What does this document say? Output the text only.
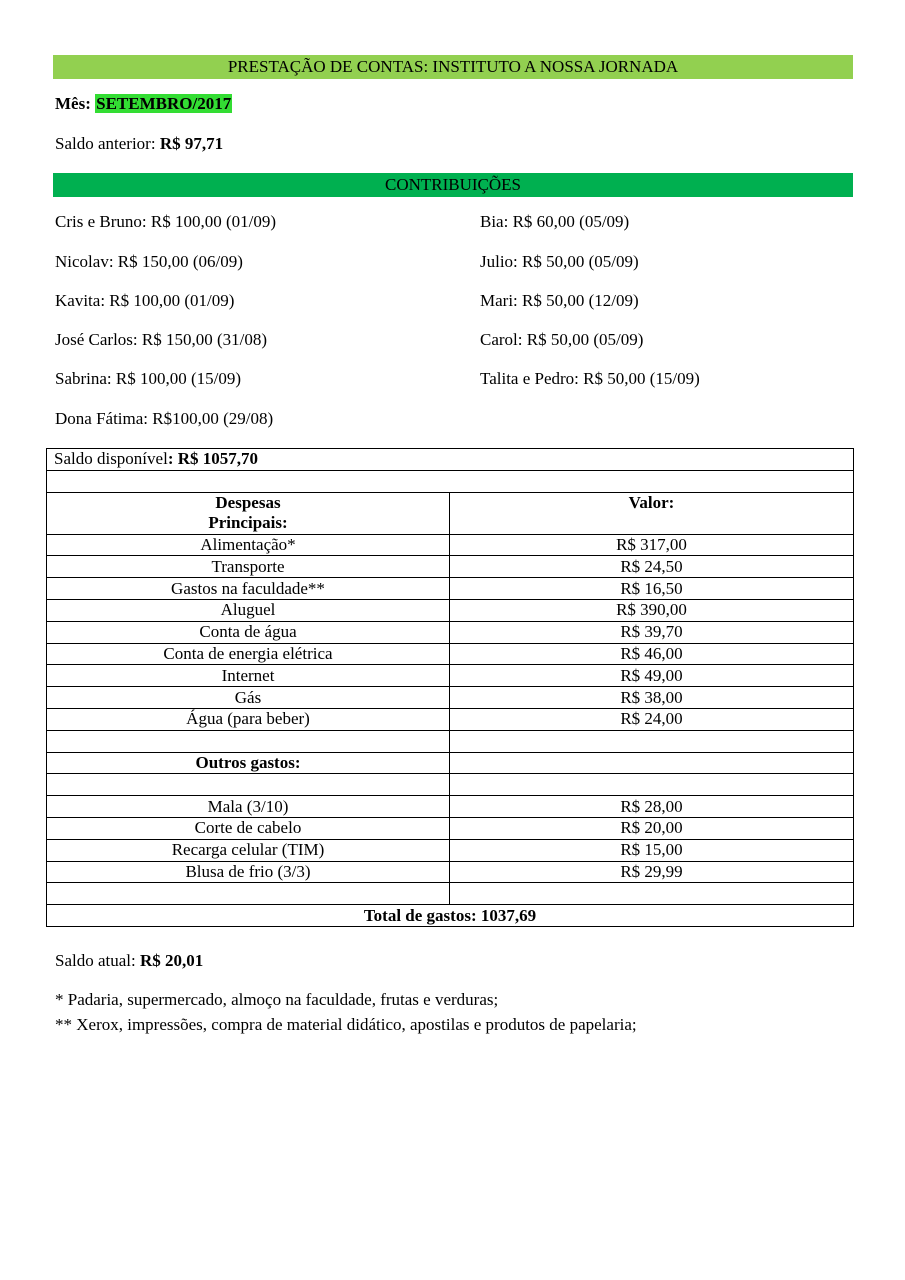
PRESTAÇÃO DE CONTAS: INSTITUTO A NOSSA JORNADA
Mês: SETEMBRO/2017
Saldo anterior: R$ 97,71
CONTRIBUIÇÕES
Cris e Bruno: R$ 100,00 (01/09)
Nicolav: R$ 150,00 (06/09)
Kavita: R$ 100,00 (01/09)
José Carlos: R$ 150,00 (31/08)
Sabrina: R$ 100,00 (15/09)
Dona Fátima: R$100,00 (29/08)
Bia: R$ 60,00 (05/09)
Julio: R$ 50,00 (05/09)
Mari: R$ 50,00 (12/09)
Carol: R$ 50,00 (05/09)
Talita e Pedro: R$ 50,00 (15/09)
Saldo disponível: R$ 1057,70	

Despesas Principais:	Valor:
Alimentação*	R$ 317,00
Transporte	R$ 24,50
Gastos na faculdade**	R$ 16,50
Aluguel	R$ 390,00
Conta de água	R$ 39,70
Conta de energia elétrica	R$ 46,00
Internet	R$ 49,00
Gás	R$ 38,00
Água (para beber)	R$ 24,00

Outros gastos:	

Mala (3/10)	R$ 28,00
Corte de cabelo	R$ 20,00
Recarga celular (TIM)	R$ 15,00
Blusa de frio (3/3)	R$ 29,99

Total de gastos: 1037,69	
Saldo atual: R$ 20,01
* Padaria, supermercado, almoço na faculdade, frutas e verduras;
** Xerox, impressões, compra de material didático, apostilas e produtos de papelaria;
